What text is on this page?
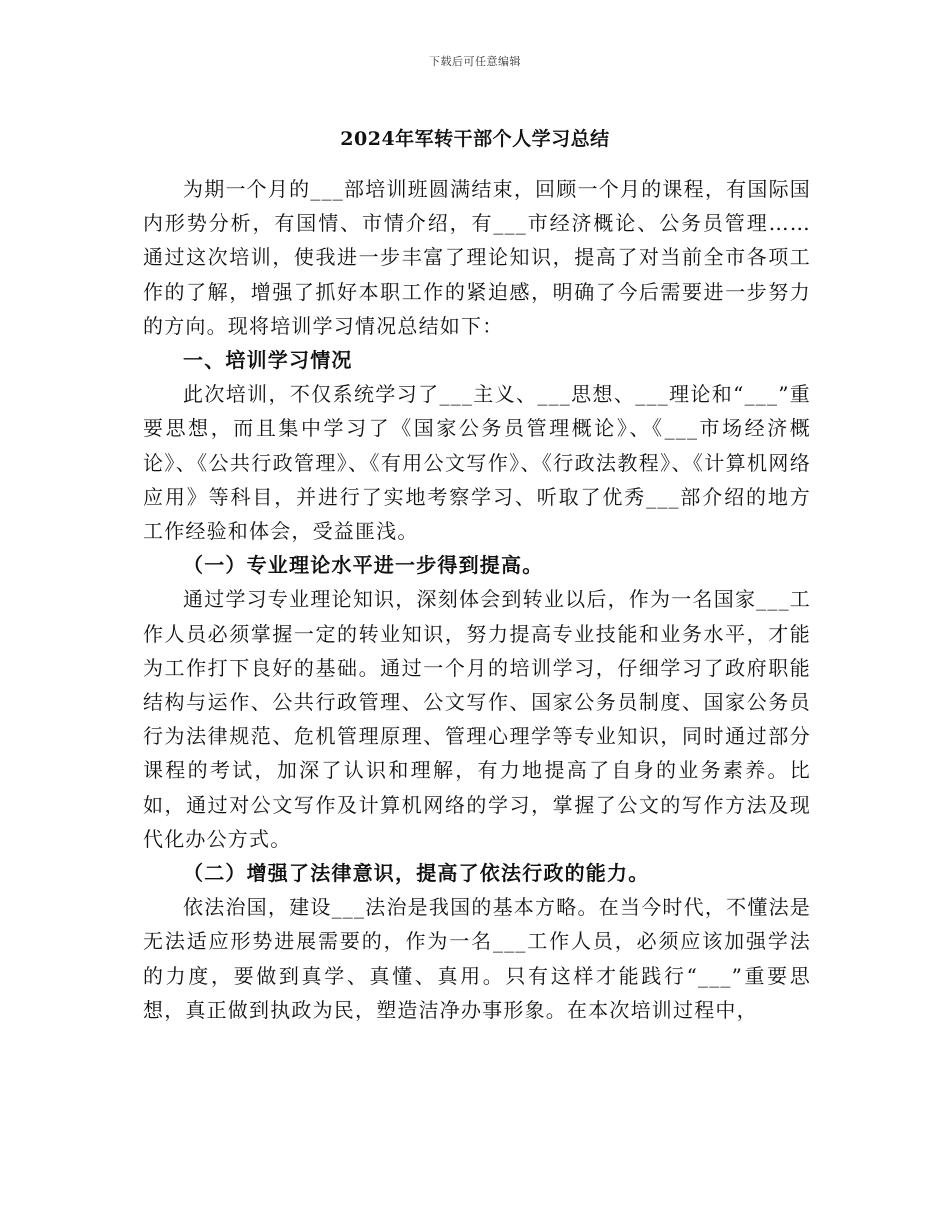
下载后可任意编辑
2024年军转干部个人学习总结

为期一个月的___部培训班圆满结束，回顾一个月的课程，有国际国内形势分析，有国情、市情介绍，有___市经济概论、公务员管理……通过这次培训，使我进一步丰富了理论知识，提高了对当前全市各项工作的了解，增强了抓好本职工作的紧迫感，明确了今后需要进一步努力的方向。现将培训学习情况总结如下：

一、培训学习情况

此次培训，不仅系统学习了___主义、___思想、___理论和“___”重要思想，而且集中学习了《国家公务员管理概论》、《___市场经济概论》、《公共行政管理》、《有用公文写作》、《行政法教程》、《计算机网络应用》等科目，并进行了实地考察学习、听取了优秀___部介绍的地方工作经验和体会，受益匪浅。

（一）专业理论水平进一步得到提高。

通过学习专业理论知识，深刻体会到转业以后，作为一名国家___工作人员必须掌握一定的转业知识，努力提高专业技能和业务水平，才能为工作打下良好的基础。通过一个月的培训学习，仔细学习了政府职能结构与运作、公共行政管理、公文写作、国家公务员制度、国家公务员行为法律规范、危机管理原理、管理心理学等专业知识，同时通过部分课程的考试，加深了认识和理解，有力地提高了自身的业务素养。比如，通过对公文写作及计算机网络的学习，掌握了公文的写作方法及现代化办公方式。

（二）增强了法律意识，提高了依法行政的能力。

依法治国，建设___法治是我国的基本方略。在当今时代，不懂法是无法适应形势进展需要的，作为一名___工作人员，必须应该加强学法的力度，要做到真学、真懂、真用。只有这样才能践行“___”重要思想，真正做到执政为民，塑造洁净办事形象。在本次培训过程中，
